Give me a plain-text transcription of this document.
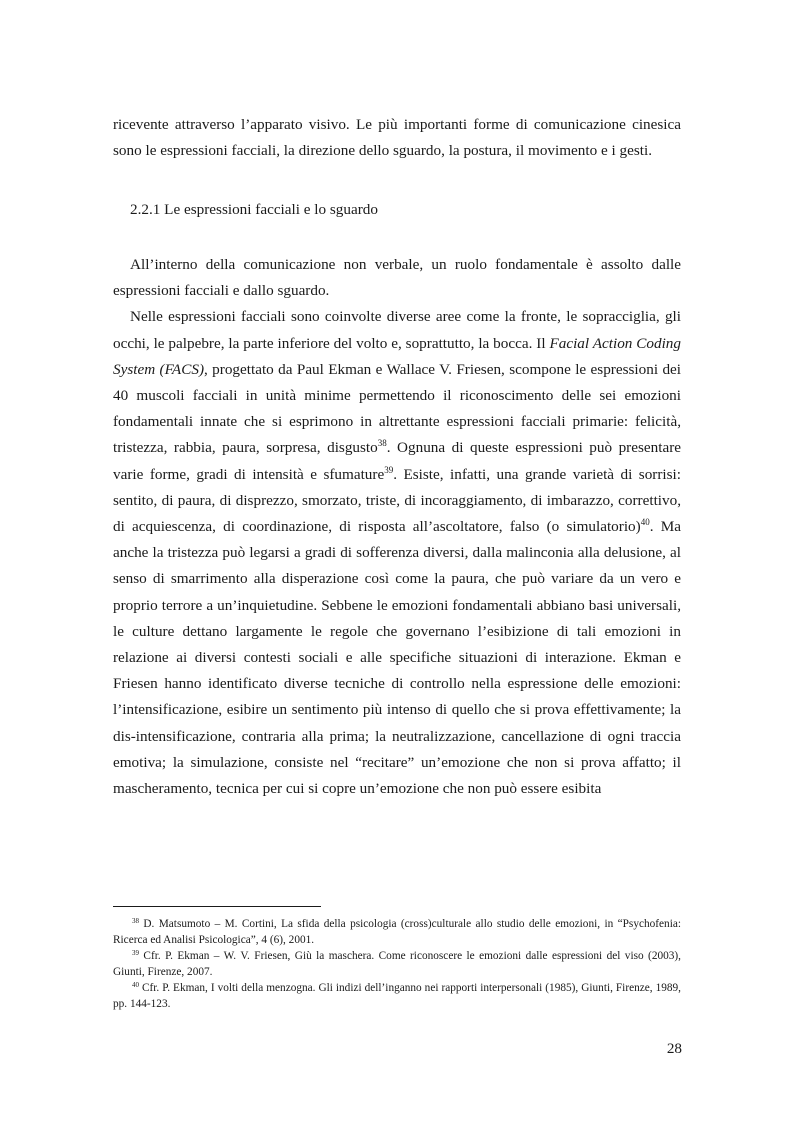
ricevente attraverso l’apparato visivo. Le più importanti forme di comunicazione cinesica sono le espressioni facciali, la direzione dello sguardo, la postura, il movimento e i gesti.

2.2.1 Le espressioni facciali e lo sguardo

All’interno della comunicazione non verbale, un ruolo fondamentale è assolto dalle espressioni facciali e dallo sguardo.

Nelle espressioni facciali sono coinvolte diverse aree come la fronte, le sopracciglia, gli occhi, le palpebre, la parte inferiore del volto e, soprattutto, la bocca. Il Facial Action Coding System (FACS), progettato da Paul Ekman e Wallace V. Friesen, scompone le espressioni dei 40 muscoli facciali in unità minime permettendo il riconoscimento delle sei emozioni fondamentali innate che si esprimono in altrettante espressioni facciali primarie: felicità, tristezza, rabbia, paura, sorpresa, disgusto$^{38}$. Ognuna di queste espressioni può presentare varie forme, gradi di intensità e sfumature$^{39}$. Esiste, infatti, una grande varietà di sorrisi: sentito, di paura, di disprezzo, smorzato, triste, di incoraggiamento, di imbarazzo, correttivo, di acquiescenza, di coordinazione, di risposta all’ascoltatore, falso (o simulatorio)$^{40}$. Ma anche la tristezza può legarsi a gradi di sofferenza diversi, dalla malinconia alla delusione, al senso di smarrimento alla disperazione così come la paura, che può variare da un vero e proprio terrore a un’inquietudine. Sebbene le emozioni fondamentali abbiano basi universali, le culture dettano largamente le regole che governano l’esibizione di tali emozioni in relazione ai diversi contesti sociali e alle specifiche situazioni di interazione. Ekman e Friesen hanno identificato diverse tecniche di controllo nella espressione delle emozioni: l’intensificazione, esibire un sentimento più intenso di quello che si prova effettivamente; la dis-intensificazione, contraria alla prima; la neutralizzazione, cancellazione di ogni traccia emotiva; la simulazione, consiste nel “recitare” un’emozione che non si prova affatto; il mascheramento, tecnica per cui si copre un’emozione che non può essere esibita

$^{38}$ D. Matsumoto – M. Cortini, La sfida della psicologia (cross)culturale allo studio delle emozioni, in “Psychofenia: Ricerca ed Analisi Psicologica”, 4 (6), 2001.

$^{39}$ Cfr. P. Ekman – W. V. Friesen, Giù la maschera. Come riconoscere le emozioni dalle espressioni del viso (2003), Giunti, Firenze, 2007.

$^{40}$ Cfr. P. Ekman, I volti della menzogna. Gli indizi dell’inganno nei rapporti interpersonali (1985), Giunti, Firenze, 1989, pp. 144-123.

28
